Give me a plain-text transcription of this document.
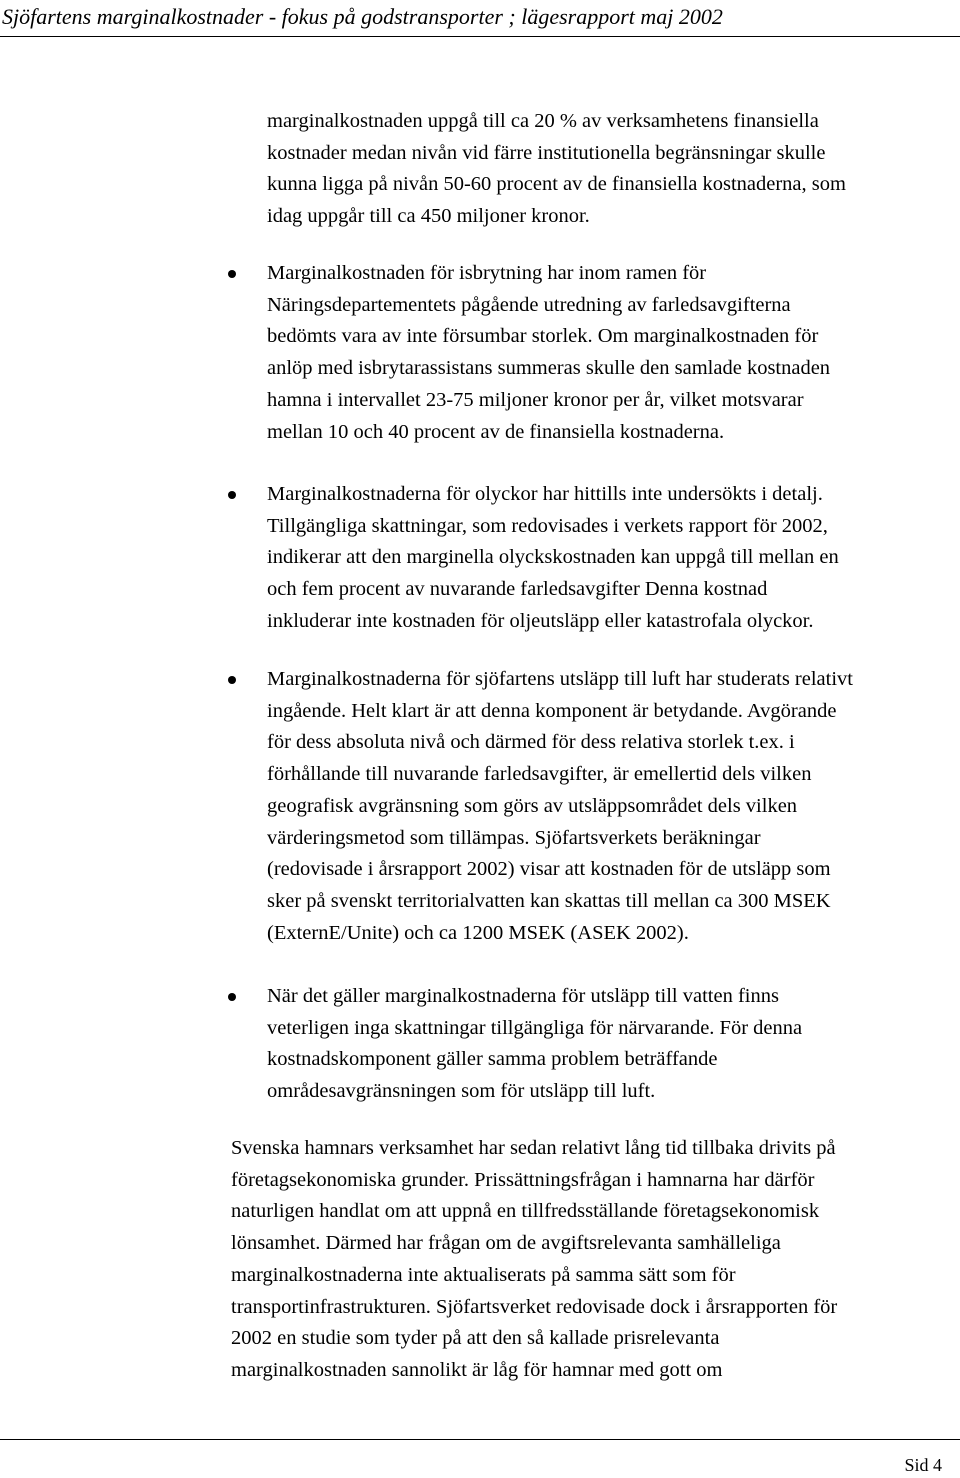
Sjöfartens marginalkostnader - fokus på godstransporter ; lägesrapport maj 2002

marginalkostnaden uppgå till ca 20 % av verksamhetens finansiella
kostnader medan nivån vid färre institutionella begränsningar skulle
kunna ligga på nivån 50-60 procent av de finansiella kostnaderna, som
idag uppgår till ca 450 miljoner kronor.

Marginalkostnaden för isbrytning har inom ramen för
Näringsdepartementets pågående utredning av farledsavgifterna
bedömts vara av inte försumbar storlek. Om marginalkostnaden för
anlöp med isbrytarassistans summeras skulle den samlade kostnaden
hamna i intervallet 23-75 miljoner kronor per år, vilket motsvarar
mellan 10 och 40 procent av de finansiella kostnaderna.

Marginalkostnaderna för olyckor har hittills inte undersökts i detalj.
Tillgängliga skattningar, som redovisades i verkets rapport för 2002,
indikerar att den marginella olyckskostnaden kan uppgå till mellan en
och fem procent av nuvarande farledsavgifter Denna kostnad
inkluderar inte kostnaden för oljeutsläpp eller katastrofala olyckor.

Marginalkostnaderna för sjöfartens utsläpp till luft har studerats relativt
ingående. Helt klart är att denna komponent är betydande. Avgörande
för dess absoluta nivå och därmed för dess relativa storlek t.ex. i
förhållande till nuvarande farledsavgifter, är emellertid dels vilken
geografisk avgränsning som görs av utsläppsområdet dels vilken
värderingsmetod som tillämpas. Sjöfartsverkets beräkningar
(redovisade i årsrapport 2002) visar att kostnaden för de utsläpp som
sker på svenskt territorialvatten kan skattas till mellan ca 300 MSEK
(ExternE/Unite) och ca 1200 MSEK (ASEK 2002).

När det gäller marginalkostnaderna för utsläpp till vatten finns
veterligen inga skattningar tillgängliga för närvarande. För denna
kostnadskomponent gäller samma problem beträffande
områdesavgränsningen som för utsläpp till luft.

Svenska hamnars verksamhet har sedan relativt lång tid tillbaka drivits på
företagsekonomiska grunder. Prissättningsfrågan i hamnarna har därför
naturligen handlat om att uppnå en tillfredsställande företagsekonomisk
lönsamhet. Därmed har frågan om de avgiftsrelevanta samhälleliga
marginalkostnaderna inte aktualiserats på samma sätt som för
transportinfrastrukturen. Sjöfartsverket redovisade dock i årsrapporten för
2002 en studie som tyder på att den så kallade prisrelevanta
marginalkostnaden sannolikt är låg för hamnar med gott om

Sid 4
